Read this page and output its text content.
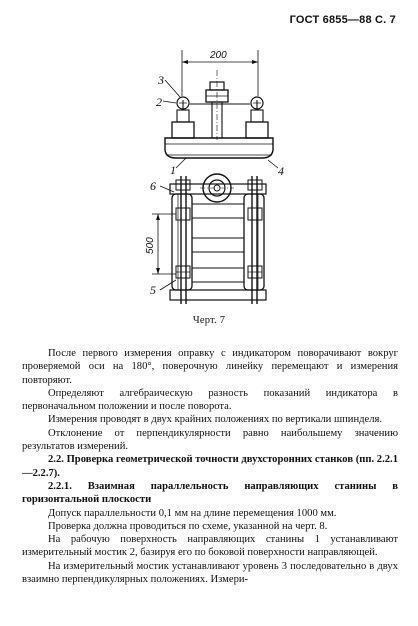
ГОСТ 6855—88 С. 7
200
3
2
1	4
500
6
5
Черт. 7

После первого измерения оправку с индикатором поворачивают вокруг проверяемой оси на 180°, поверочную линейку перемещают и измерения повторяют.

Определяют алгебраическую разность показаний индикатора в первоначальном положении и после поворота.

Измерения проводят в двух крайних положениях по вертикали шпинделя.

Отклонение от перпендикулярности равно наибольшему значению результатов измерений.

2.2. Проверка геометрической точности двухсторонних станков (пп. 2.2.1—2.2.7).

2.2.1. Взаимная параллельность направляющих станины в горизонтальной плоскости

Допуск параллельности 0,1 мм на длине перемещения 1000 мм.

Проверка должна проводиться по схеме, указанной на черт. 8.

На рабочую поверхность направляющих станины 1 устанавливают измерительный мостик 2, базируя его по боковой поверхности направляющей.

На измерительный мостик устанавливают уровень 3 последовательно в двух взаимно перпендикулярных положениях. Измери-
